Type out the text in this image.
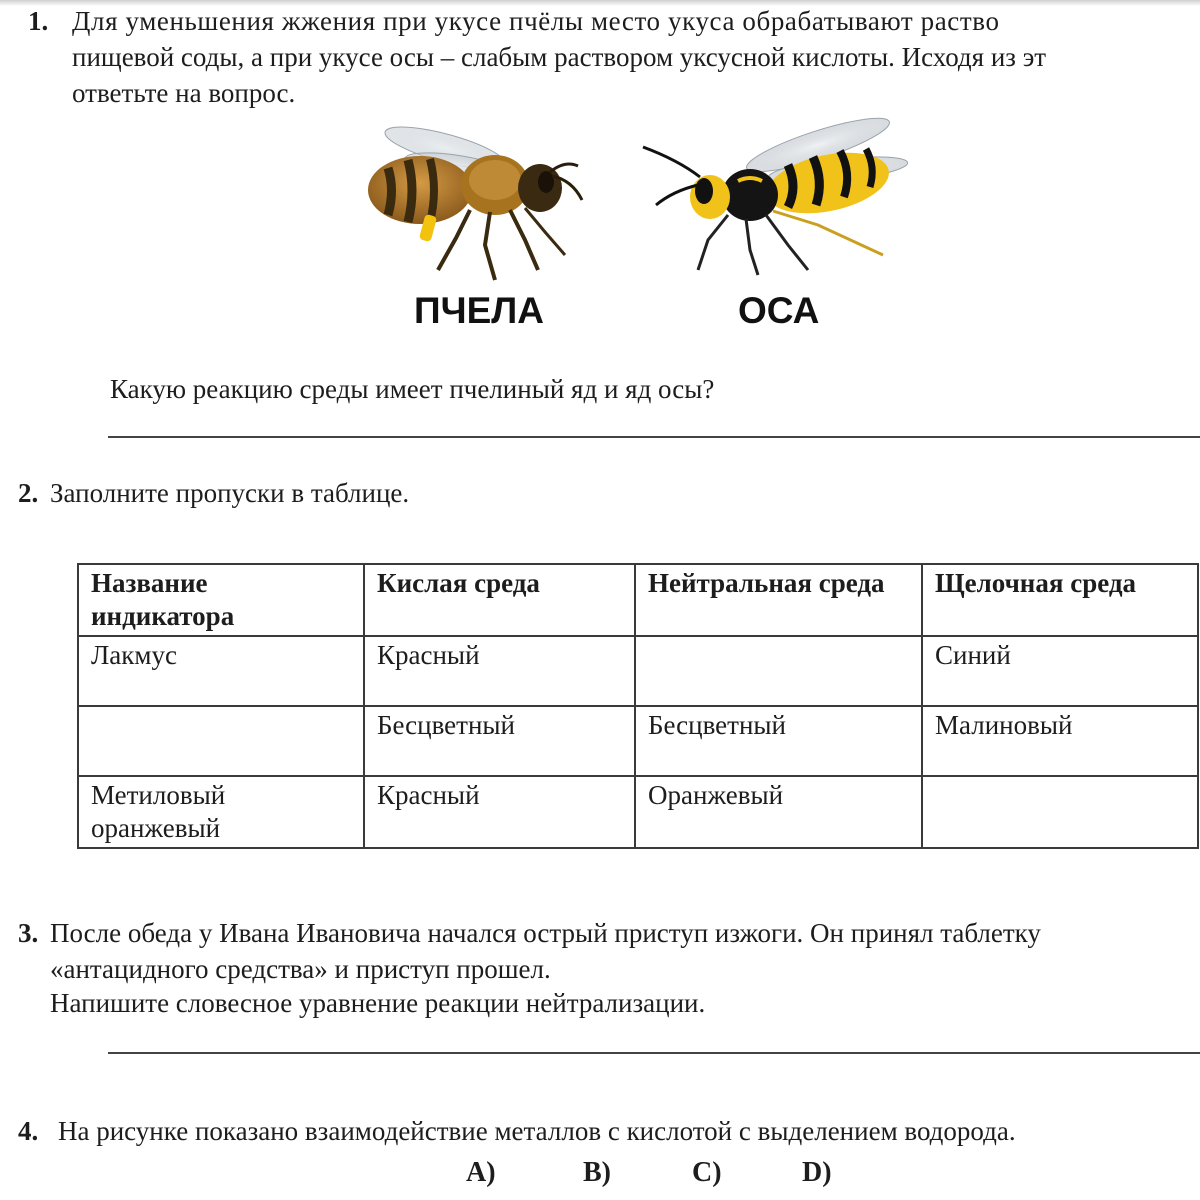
1. Для уменьшения жжения при укусе пчёлы место укуса обрабатывают раство
пищевой соды, а при укусе осы – слабым раствором уксусной кислоты. Исходя из эт
ответьте на вопрос.
ПЧЕЛА	ОСА
Какую реакцию среды имеет пчелиный яд и яд осы?
2. Заполните пропуски в таблице.
Название индикатора	Кислая среда	Нейтральная среда	Щелочная среда
Лакмус	Красный		Синий
	Бесцветный	Бесцветный	Малиновый
Метиловый оранжевый	Красный	Оранжевый	
3. После обеда у Ивана Ивановича начался острый приступ изжоги. Он принял таблетку
«антацидного средства» и приступ прошел.
Напишите словесное уравнение реакции нейтрализации.
4. На рисунке показано взаимодействие металлов с кислотой с выделением водорода.
A)	B)	C)	D)
